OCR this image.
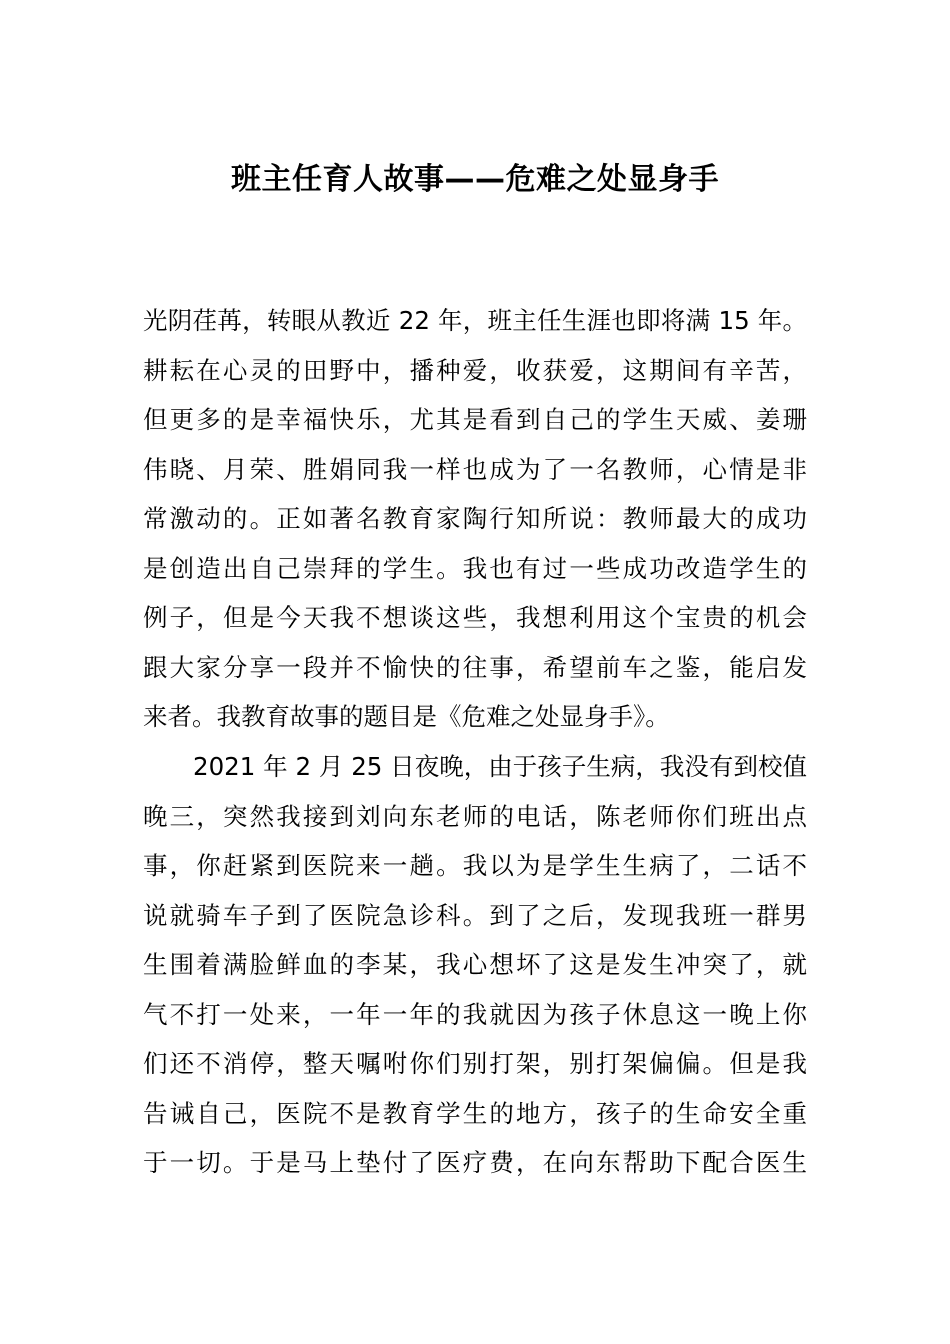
班主任育人故事——危难之处显身手
光阴荏苒，转眼从教近 22 年，班主任生涯也即将满 15 年。
耕耘在心灵的田野中，播种爱，收获爱，这期间有辛苦，
但更多的是幸福快乐，尤其是看到自己的学生天威、姜珊
伟晓、月荣、胜娟同我一样也成为了一名教师，心情是非
常激动的。正如著名教育家陶行知所说：教师最大的成功
是创造出自己崇拜的学生。我也有过一些成功改造学生的
例子，但是今天我不想谈这些，我想利用这个宝贵的机会
跟大家分享一段并不愉快的往事，希望前车之鉴，能启发
来者。我教育故事的题目是《危难之处显身手》。
2021 年 2 月 25 日夜晚，由于孩子生病，我没有到校值
晚三，突然我接到刘向东老师的电话，陈老师你们班出点
事，你赶紧到医院来一趟。我以为是学生生病了，二话不
说就骑车子到了医院急诊科。到了之后，发现我班一群男
生围着满脸鲜血的李某，我心想坏了这是发生冲突了，就
气不打一处来，一年一年的我就因为孩子休息这一晚上你
们还不消停，整天嘱咐你们别打架，别打架偏偏。但是我
告诫自己，医院不是教育学生的地方，孩子的生命安全重
于一切。于是马上垫付了医疗费，在向东帮助下配合医生
